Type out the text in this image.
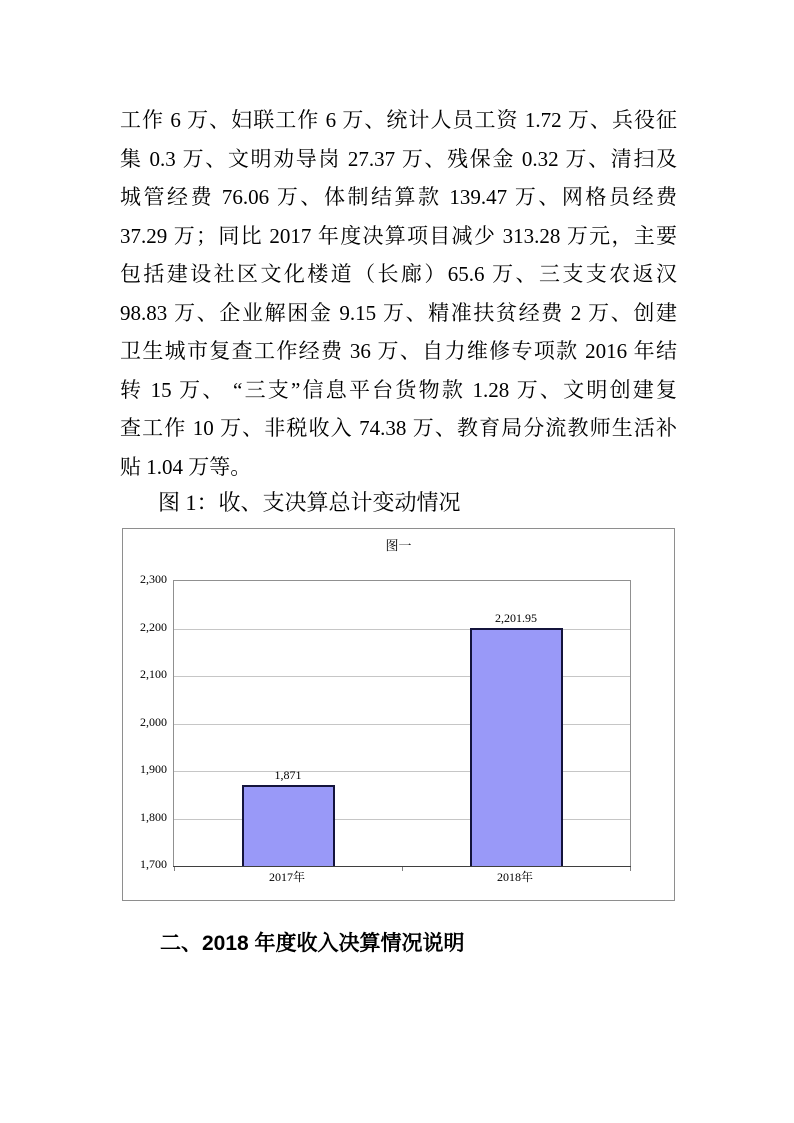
工作 6 万、妇联工作 6 万、统计人员工资 1.72 万、兵役征
集 0.3 万、文明劝导岗 27.37 万、残保金 0.32 万、清扫及
城管经费 76.06 万、体制结算款 139.47 万、网格员经费
37.29 万；同比 2017 年度决算项目减少 313.28 万元，主要
包括建设社区文化楼道（长廊）65.6 万、三支支农返汉
98.83 万、企业解困金 9.15 万、精准扶贫经费 2 万、创建
卫生城市复查工作经费 36 万、自力维修专项款 2016 年结
转 15 万、 “三支”信息平台货物款 1.28 万、文明创建复
查工作 10 万、非税收入 74.38 万、教育局分流教师生活补
贴 1.04 万等。
图 1：收、支决算总计变动情况
图一
1,871
2,201.95
1,700
1,800
1,900
2,000
2,100
2,200
2,300
2017年	2018年
二、2018 年度收入决算情况说明
